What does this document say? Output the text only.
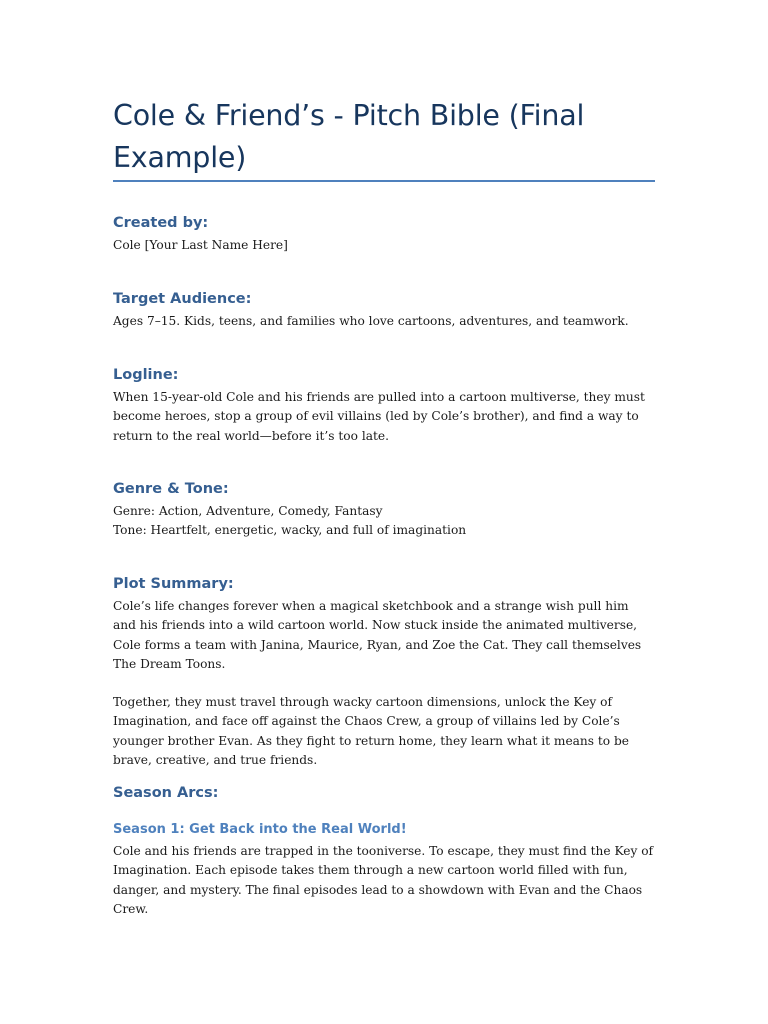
Cole & Friend’s - Pitch Bible (Final Example)
Created by:

Cole [Your Last Name Here]

Target Audience:

Ages 7–15. Kids, teens, and families who love cartoons, adventures, and teamwork.

Logline:

When 15-year-old Cole and his friends are pulled into a cartoon multiverse, they must become heroes, stop a group of evil villains (led by Cole’s brother), and find a way to return to the real world—before it’s too late.

Genre & Tone:

Genre: Action, Adventure, Comedy, Fantasy

Tone: Heartfelt, energetic, wacky, and full of imagination

Plot Summary:

Cole’s life changes forever when a magical sketchbook and a strange wish pull him and his friends into a wild cartoon world. Now stuck inside the animated multiverse, Cole forms a team with Janina, Maurice, Ryan, and Zoe the Cat. They call themselves The Dream Toons.

Together, they must travel through wacky cartoon dimensions, unlock the Key of Imagination, and face off against the Chaos Crew, a group of villains led by Cole’s younger brother Evan. As they fight to return home, they learn what it means to be brave, creative, and true friends.

Season Arcs:
Season 1: Get Back into the Real World!

Cole and his friends are trapped in the tooniverse. To escape, they must find the Key of Imagination. Each episode takes them through a new cartoon world filled with fun, danger, and mystery. The final episodes lead to a showdown with Evan and the Chaos Crew.
